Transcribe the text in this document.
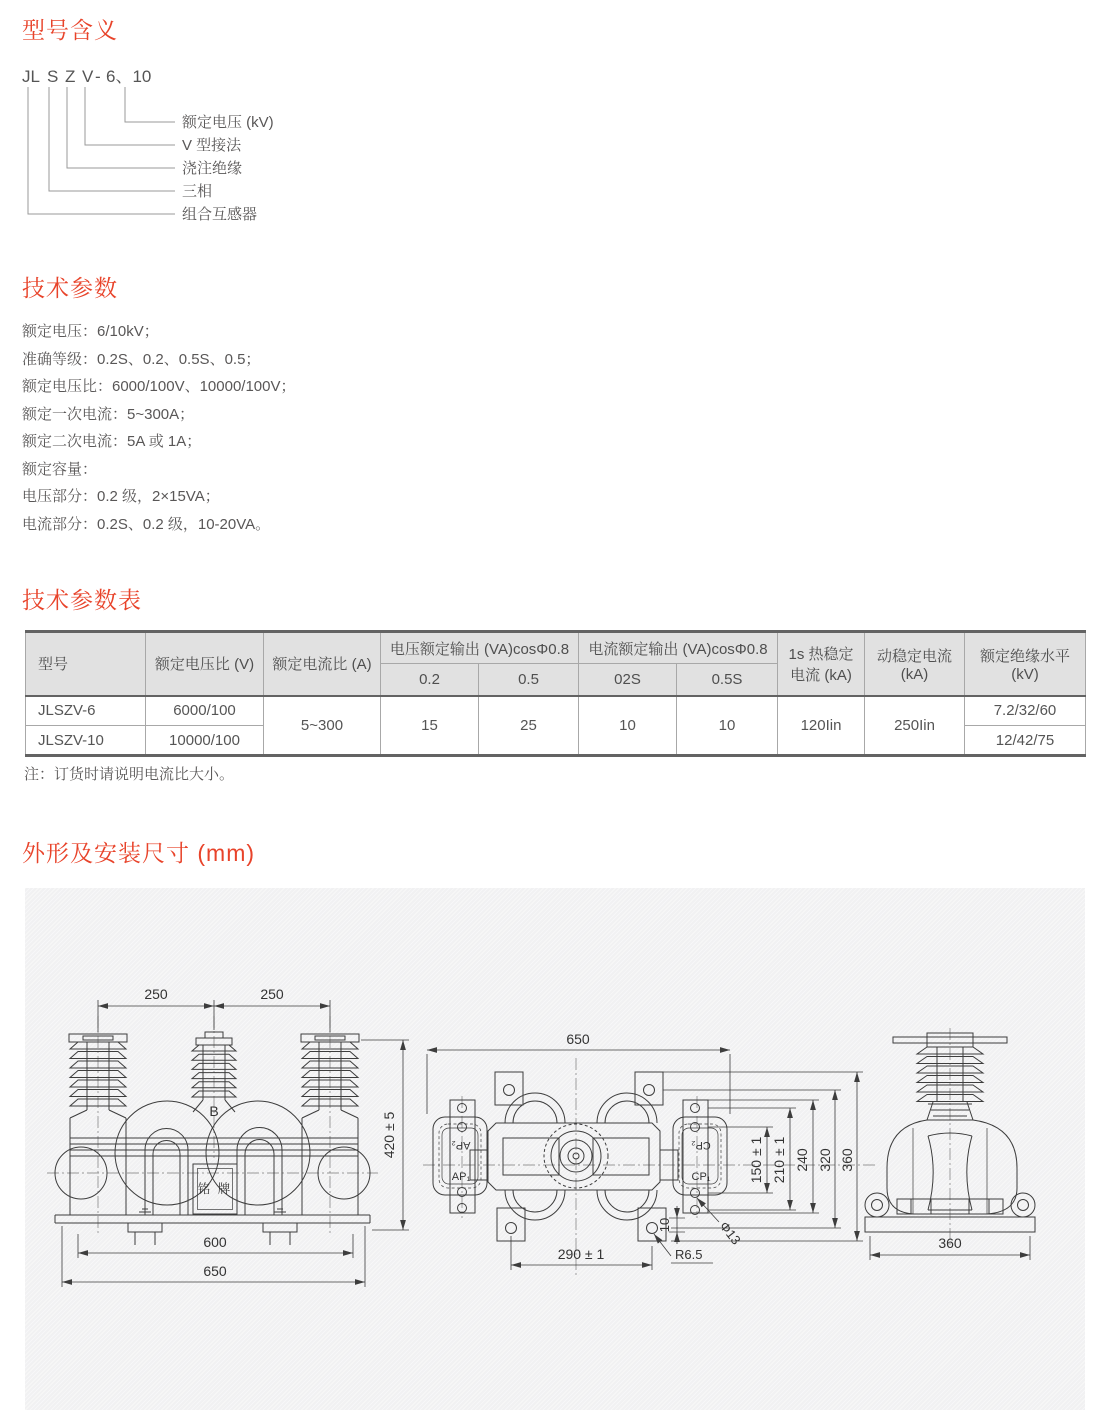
型号含义
JL S Z V - 6、10
额定电压 (kV)
V 型接法
浇注绝缘
三相
组合互感器
技术参数
额定电压：6/10kV；
准确等级：0.2S、0.2、0.5S、0.5；
额定电压比：6000/100V、10000/100V；
额定一次电流：5~300A；
额定二次电流：5A 或 1A；
额定容量：
电压部分：0.2 级，2×15VA；
电流部分：0.2S、0.2 级，10-20VA。
技术参数表
型号	额定电压比 (V)	额定电流比 (A)	电压额定输出 (VA)cosΦ0.8		电流额定输出 (VA)cosΦ0.8		1s 热稳定电流 (kA)	动稳定电流 (kA)	额定绝缘水平 (kV)
			0.2	0.5	02S	0.5S			
JLSZV-6	6000/100	5~300	15	25	10	10	120Iin	250Iin	7.2/32/60
JLSZV-10	10000/100								12/42/75
注：订货时请说明电流比大小。
外形及安装尺寸 (mm)
铭 牌
B
250	250
420 ± 5
600
650
AP₂
AP₁
CP₂
CP₁
650
150 ± 1 210 ± 1 240 320 360
290 ± 1
10
R6.5
Φ13	360
